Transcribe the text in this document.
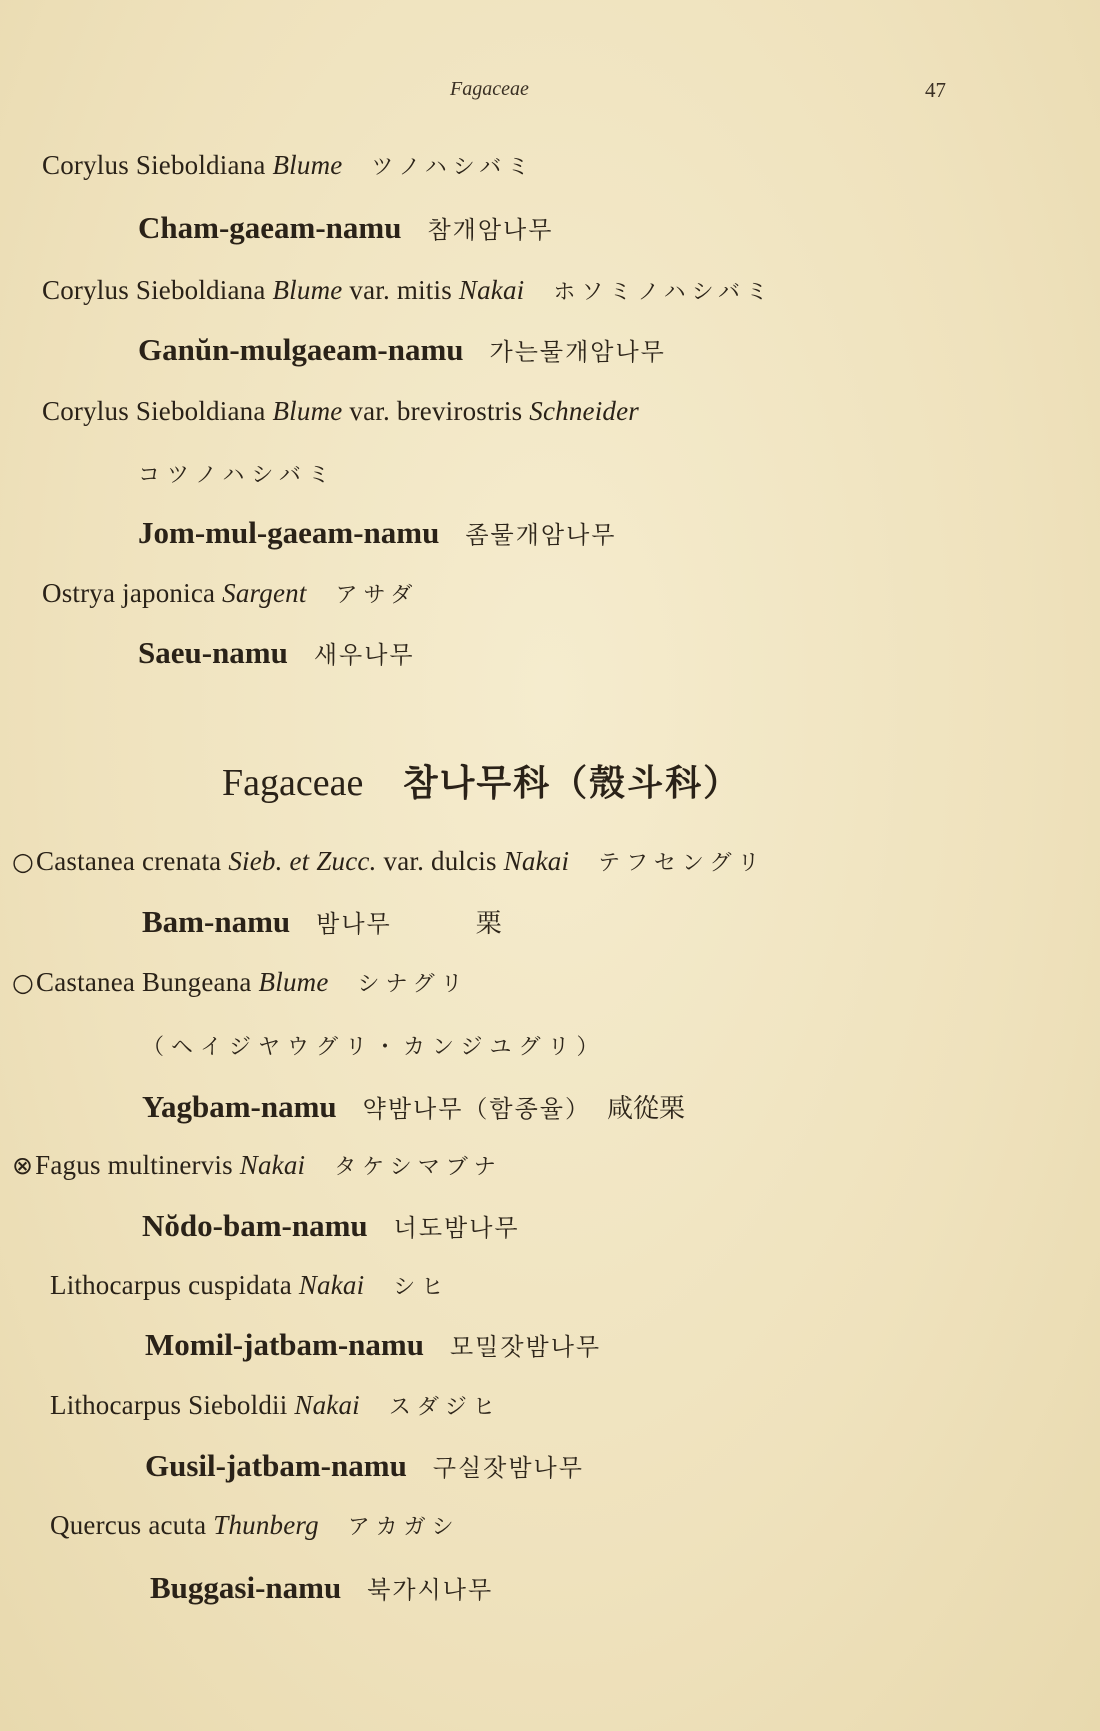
Fagaceae	47
Corylus Sieboldiana Blume ツノハシバミ
Cham-gaeam-namu 참개암나무
Corylus Sieboldiana Blume var. mitis Nakai ホソミノハシバミ
Ganŭn-mulgaeam-namu 가는물개암나무
Corylus Sieboldiana Blume var. brevirostris Schneider
コツノハシバミ
Jom-mul-gaeam-namu 좀물개암나무
Ostrya japonica Sargent アサダ
Saeu-namu 새우나무
Fagaceae 참나무科（殼斗科）
○Castanea crenata Sieb. et Zucc. var. dulcis Nakai テフセングリ
Bam-namu 밤나무	栗
○Castanea Bungeana Blume シナグリ
（ヘイジヤウグリ・カンジユグリ）
Yagbam-namu 약밤나무（함종율） 咸從栗
⊗Fagus multinervis Nakai タケシマブナ
Nŏdo-bam-namu 너도밤나무
Lithocarpus cuspidata Nakai シヒ
Momil-jatbam-namu 모밀잣밤나무
Lithocarpus Sieboldii Nakai スダジヒ
Gusil-jatbam-namu 구실잣밤나무
Quercus acuta Thunberg アカガシ
Buggasi-namu 북가시나무
